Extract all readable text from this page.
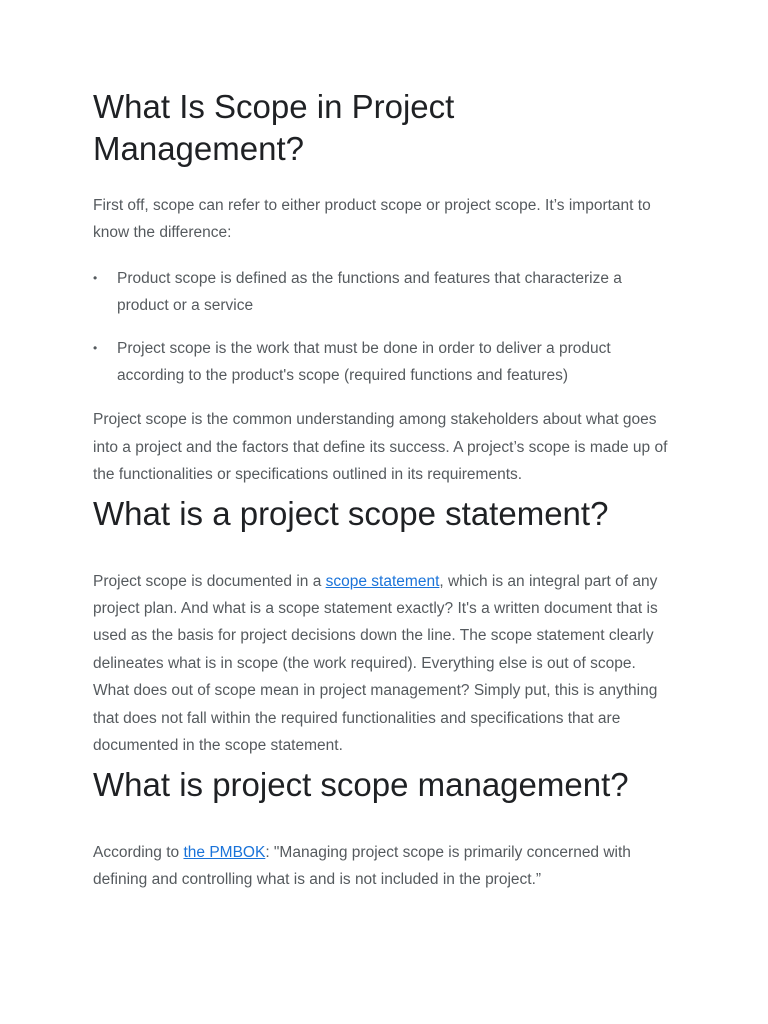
What Is Scope in Project Management?

First off, scope can refer to either product scope or project scope. It’s important to know the difference:

• Product scope is defined as the functions and features that characterize a product or a service
• Project scope is the work that must be done in order to deliver a product according to the product's scope (required functions and features)

Project scope is the common understanding among stakeholders about what goes into a project and the factors that define its success. A project’s scope is made up of the functionalities or specifications outlined in its requirements.

What is a project scope statement?

Project scope is documented in a scope statement, which is an integral part of any project plan. And what is a scope statement exactly? It's a written document that is used as the basis for project decisions down the line. The scope statement clearly delineates what is in scope (the work required). Everything else is out of scope. What does out of scope mean in project management? Simply put, this is anything that does not fall within the required functionalities and specifications that are documented in the scope statement.

What is project scope management?

According to the PMBOK: "Managing project scope is primarily concerned with defining and controlling what is and is not included in the project.”
